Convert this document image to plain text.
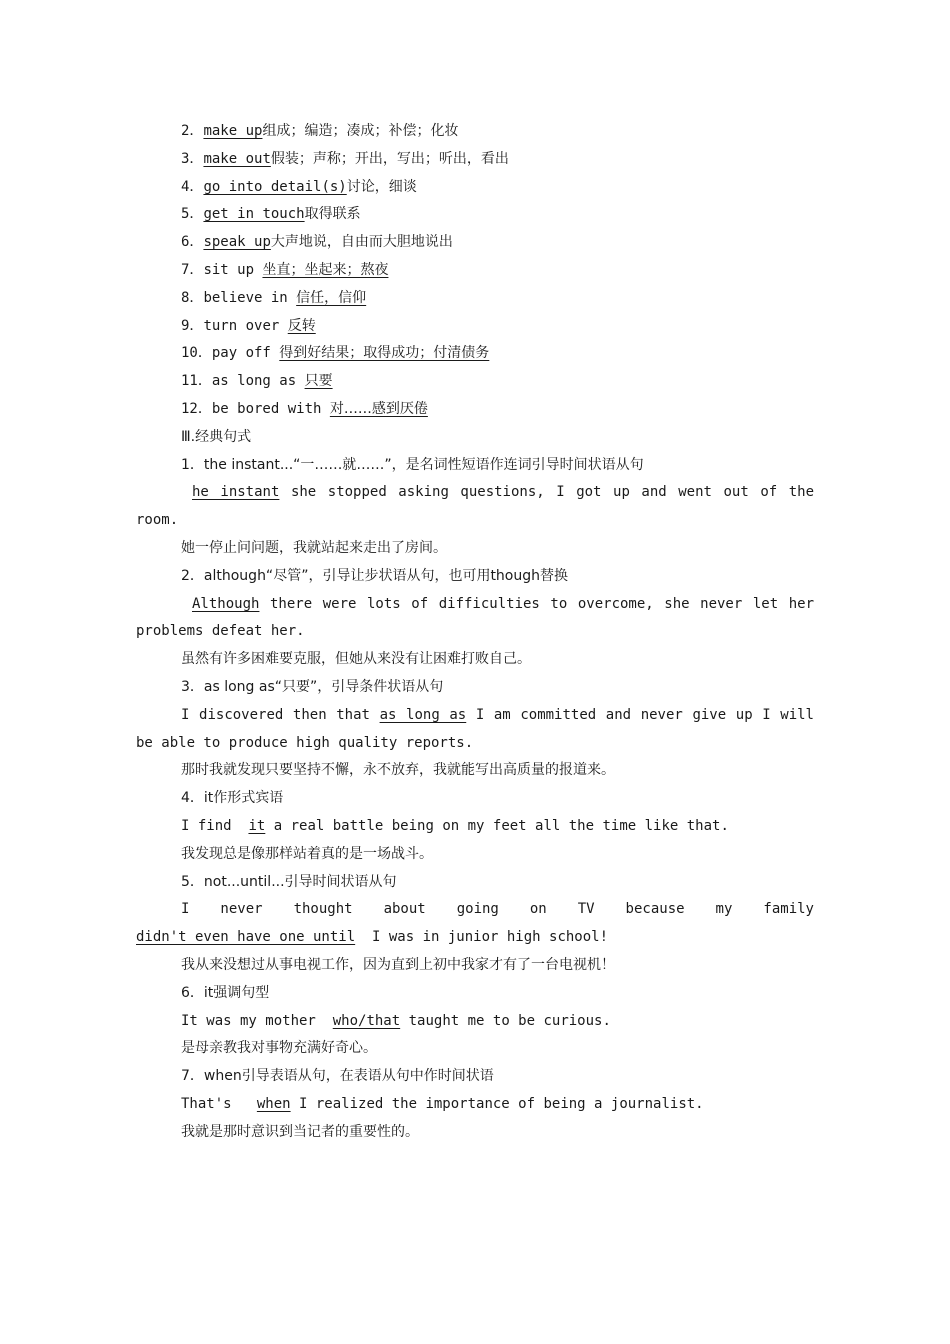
2．make up组成；编造；凑成；补偿；化妆
3．make out假装；声称；开出，写出；听出，看出
4．go into detail(s)讨论，细谈
5．get in touch取得联系
6．speak up大声地说，自由而大胆地说出
7．sit up 坐直；坐起来；熬夜
8．believe in 信任，信仰
9．turn over 反转
10．pay off 得到好结果；取得成功；付清债务
11．as long as 只要
12．be bored with 对……感到厌倦
Ⅲ.经典句式
1．the instant...“一……就……”，是名词性短语作连词引导时间状语从句
he instant she stopped asking questions, I got up and went out of the
room.
她一停止问问题，我就站起来走出了房间。
2．although“尽管”，引导让步状语从句，也可用though替换
Although there were lots of difficulties to overcome, she never let her
problems defeat her.
虽然有许多困难要克服，但她从来没有让困难打败自己。
3．as long as“只要”，引导条件状语从句
I discovered then that as long as I am committed and never give up I will
be able to produce high quality reports.
那时我就发现只要坚持不懈，永不放弃，我就能写出高质量的报道来。
4．it作形式宾语
I find  it a real battle being on my feet all the time like that.
我发现总是像那样站着真的是一场战斗。
5．not...until...引导时间状语从句
I never thought about going on TV because my family
didn't even have one until  I was in junior high school!
我从来没想过从事电视工作，因为直到上初中我家才有了一台电视机！
6．it强调句型
It was my mother  who/that taught me to be curious.
是母亲教我对事物充满好奇心。
7．when引导表语从句，在表语从句中作时间状语
That's   when I realized the importance of being a journalist.
我就是那时意识到当记者的重要性的。
